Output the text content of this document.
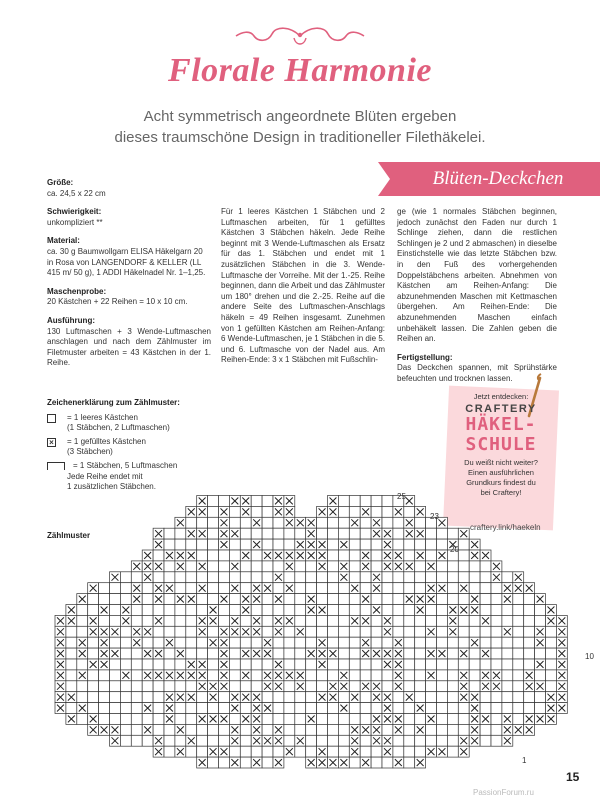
Florale Harmonie
Acht symmetrisch angeordnete Blüten ergeben
dieses traumschöne Design in traditioneller Filethäkelei.
Blüten-Deckchen
Größe:
ca. 24,5 x 22 cm
Schwierigkeit:
unkompliziert **
Material:
ca. 30 g Baumwollgarn ELISA Häkelgarn 20 in Rosa von LANGENDORF & KELLER (LL 415 m/ 50 g), 1 ADDI Häkelnadel Nr. 1–1,25.
Maschenprobe:
20 Kästchen + 22 Reihen = 10 x 10 cm.
Ausführung:
130 Luftmaschen + 3 Wende-Luftmaschen anschlagen und nach dem Zählmuster im Filetmuster arbeiten = 43 Kästchen in der 1. Reihe.
Für 1 leeres Kästchen 1 Stäbchen und 2 Luftmaschen arbeiten, für 1 gefülltes Kästchen 3 Stäbchen häkeln. Jede Reihe beginnt mit 3 Wende-Luftmaschen als Ersatz für das 1. Stäbchen und endet mit 1 zusätzlichen Stäbchen in die 3. Wende-Luftmasche der Vorreihe. Mit der 1.-25. Reihe beginnen, dann die Arbeit und das Zählmuster um 180° drehen und die 2.-25. Reihe auf die andere Seite des Luftmaschen-Anschlags häkeln = 49 Reihen insgesamt. Zunehmen von 1 gefüllten Kästchen am Reihen-Anfang: 6 Wende-Luftmaschen, je 1 Stäbchen in die 5. und 6. Luftmasche von der Nadel aus. Am Reihen-Ende: 3 x 1 Stäbchen mit Fußschlin-
ge (wie 1 normales Stäbchen beginnen, jedoch zunächst den Faden nur durch 1 Schlinge ziehen, dann die restlichen Schlingen je 2 und 2 abmaschen) in dieselbe Einstichstelle wie das letzte Stäbchen bzw. in den Fuß des vorhergehenden Doppelstäbchens arbeiten. Abnehmen von Kästchen am Reihen-Anfang: Die abzunehmenden Maschen mit Kettmaschen übergehen. Am Reihen-Ende: Die abzunehmenden Maschen einfach unbehäkelt lassen. Die Zahlen geben die Reihen an.
Fertigstellung:
Das Deckchen spannen, mit Sprühstärke befeuchten und trocknen lassen.
Zeichenerklärung zum Zählmuster:
= 1 leeres Kästchen
(1 Stäbchen, 2 Luftmaschen)
× = 1 gefülltes Kästchen
(3 Stäbchen)
= 1 Stäbchen, 5 Luftmaschen
Jede Reihe endet mit
1 zusätzlichen Stäbchen.
Zählmuster
Jetzt entdecken:
CRAFTERY
HÄKEL-
SCHULE
Du weißt nicht weiter?
Einen ausführlichen
Grundkurs findest du
bei Craftery!
craftery.link/haekeln
25
23
20
10
1
15
PassionForum.ru
